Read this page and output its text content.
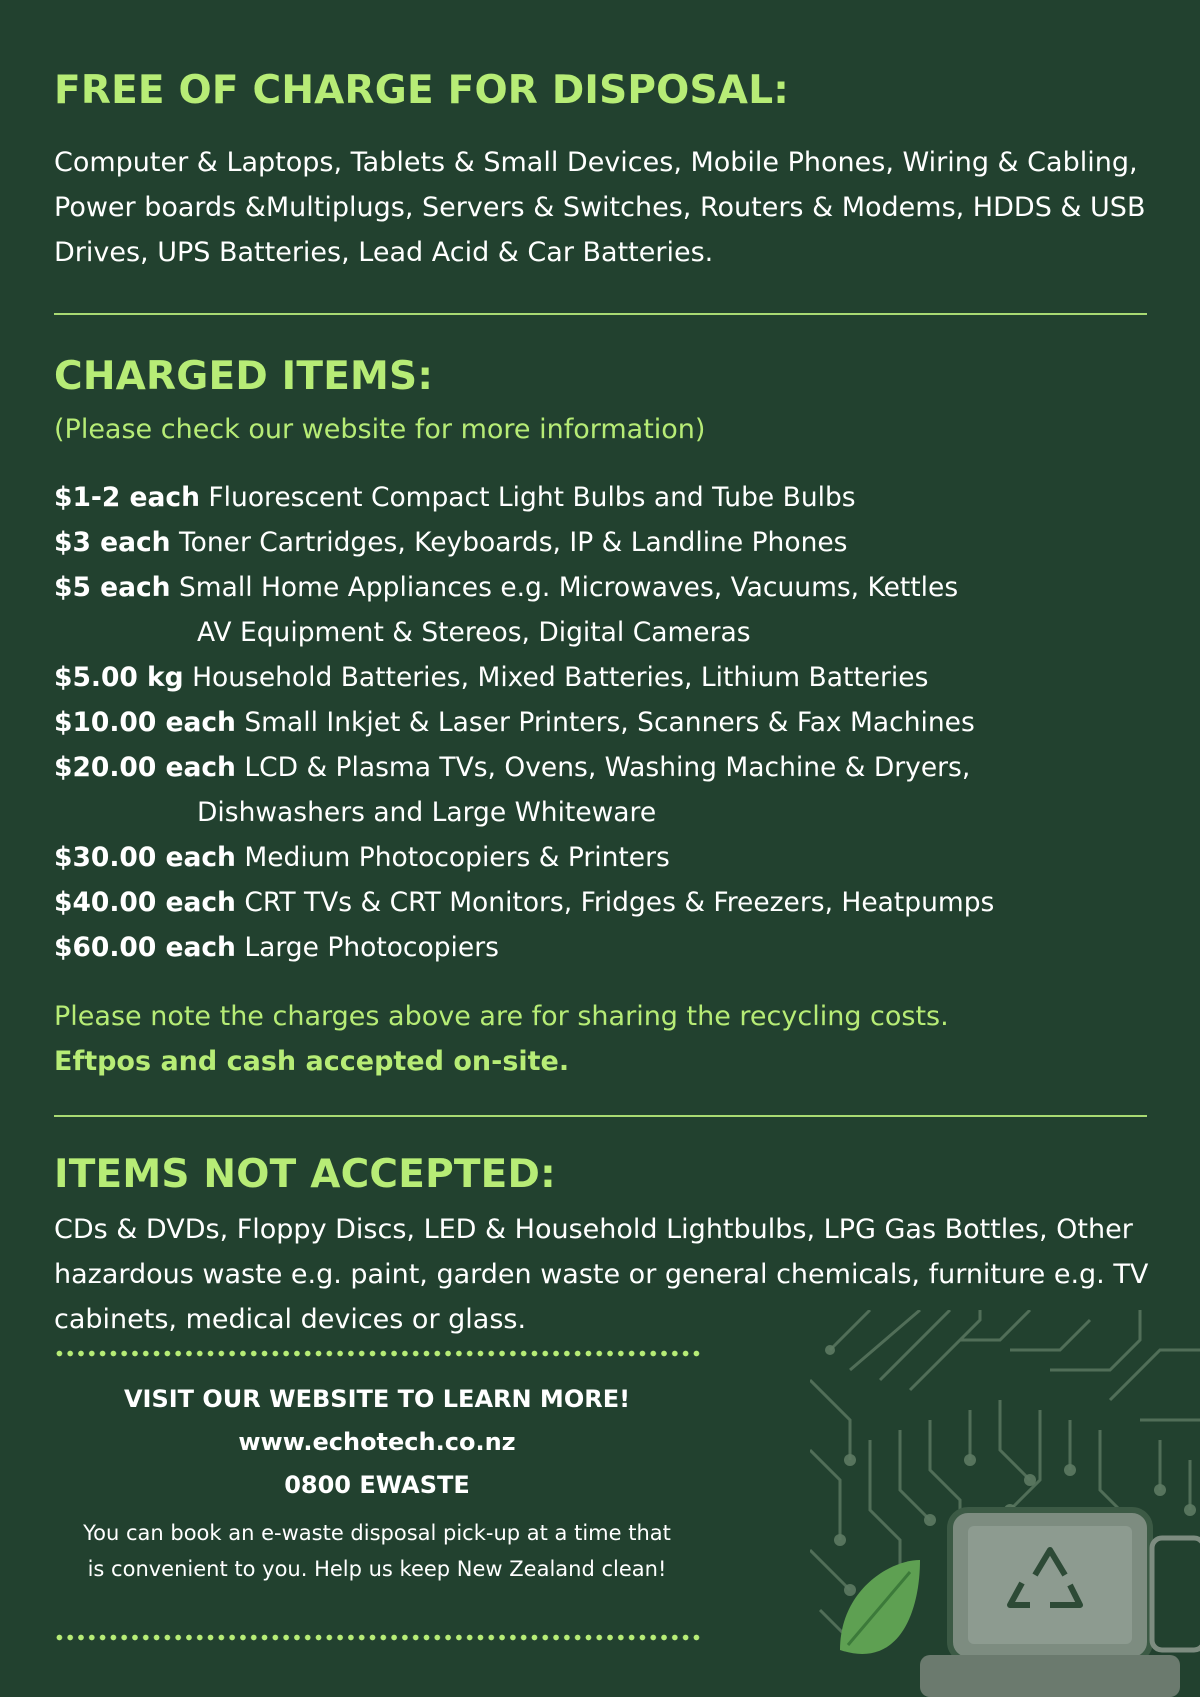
FREE OF CHARGE FOR DISPOSAL:

Computer & Laptops, Tablets & Small Devices, Mobile Phones, Wiring & Cabling, Power boards &Multiplugs, Servers & Switches, Routers & Modems, HDDS & USB Drives, UPS Batteries, Lead Acid & Car Batteries.

CHARGED ITEMS:
(Please check our website for more information)
$1-2 each Fluorescent Compact Light Bulbs and Tube Bulbs
$3 each Toner Cartridges, Keyboards, IP & Landline Phones
$5 each Small Home Appliances e.g. Microwaves, Vacuums, Kettles
AV Equipment & Stereos, Digital Cameras
$5.00 kg Household Batteries, Mixed Batteries, Lithium Batteries
$10.00 each Small Inkjet & Laser Printers, Scanners & Fax Machines
$20.00 each LCD & Plasma TVs, Ovens, Washing Machine & Dryers,
Dishwashers and Large Whiteware
$30.00 each Medium Photocopiers & Printers
$40.00 each CRT TVs & CRT Monitors, Fridges & Freezers, Heatpumps
$60.00 each Large Photocopiers
Please note the charges above are for sharing the recycling costs.
Eftpos and cash accepted on-site.
ITEMS NOT ACCEPTED:

CDs & DVDs, Floppy Discs, LED & Household Lightbulbs, LPG Gas Bottles, Other hazardous waste e.g. paint, garden waste or general chemicals, furniture e.g. TV cabinets, medical devices or glass.

VISIT OUR WEBSITE TO LEARN MORE!
www.echotech.co.nz
0800 EWASTE
You can book an e-waste disposal pick-up at a time that is convenient to you. Help us keep New Zealand clean!
